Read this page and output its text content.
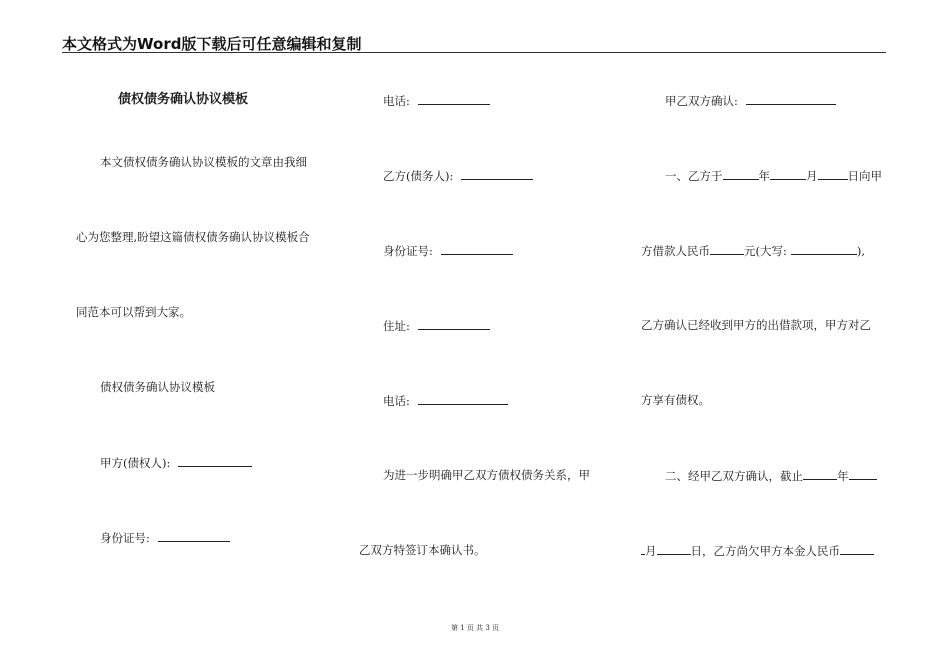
本文格式为Word版下载后可任意编辑和复制
债权债务确认协议模板
本文债权债务确认协议模板的文章由我细
心为您整理,盼望这篇债权债务确认协议模板合
同范本可以帮到大家。
债权债务确认协议模板
甲方(债权人):
身份证号:
电话:
乙方(债务人):
身份证号:
住址:
电话:
为进一步明确甲乙双方债权债务关系，甲
乙双方特签订本确认书。
甲乙双方确认:
一、乙方于	年	月	日向甲
方借款人民币	元(大写:	),
乙方确认已经收到甲方的出借款项，甲方对乙
方享有债权。
二、经甲乙双方确认，截止	年
月	日，乙方尚欠甲方本金人民币
第 1 页 共 3 页
